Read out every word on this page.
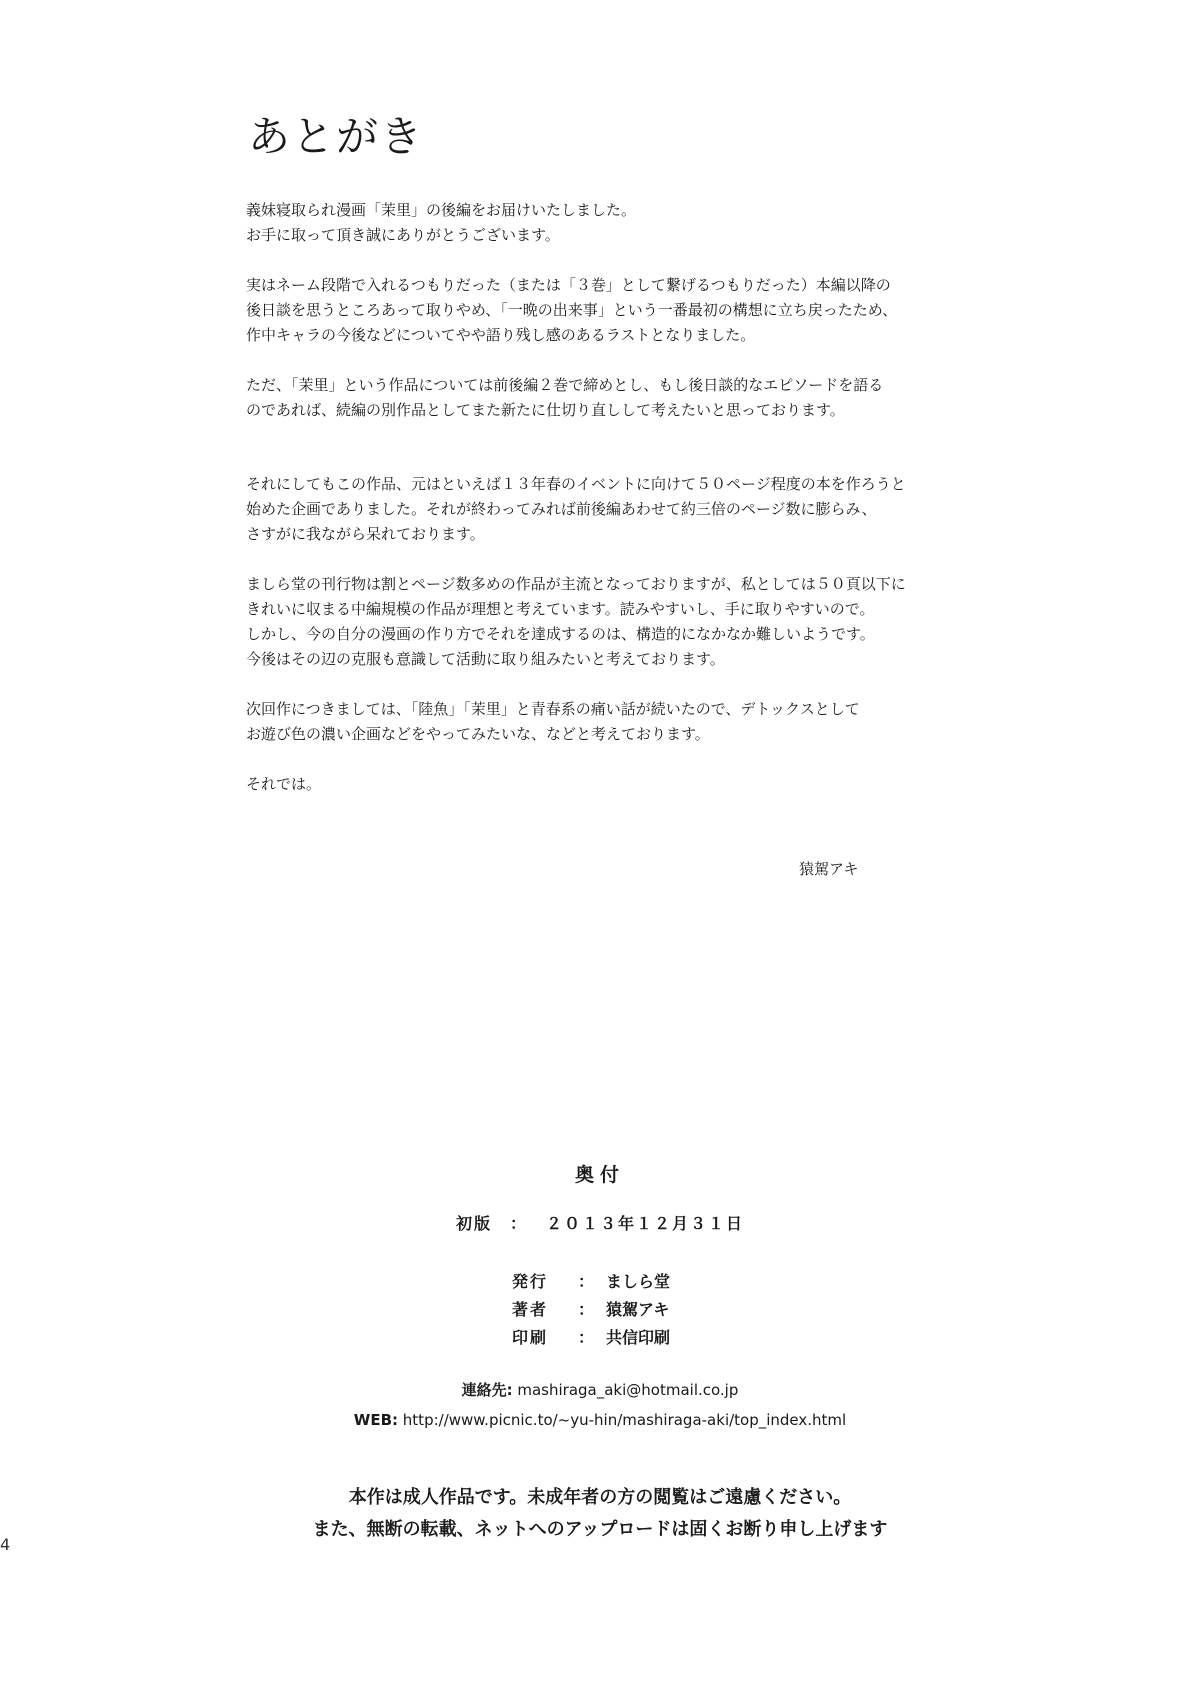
あとがき

義妹寝取られ漫画「茉里」の後編をお届けいたしました。
お手に取って頂き誠にありがとうございます。

実はネーム段階で入れるつもりだった（または「３巻」として繋げるつもりだった）本編以降の
後日談を思うところあって取りやめ、「一晩の出来事」という一番最初の構想に立ち戻ったため、
作中キャラの今後などについてやや語り残し感のあるラストとなりました。

ただ、「茉里」という作品については前後編２巻で締めとし、もし後日談的なエピソードを語る
のであれば、続編の別作品としてまた新たに仕切り直しして考えたいと思っております。

それにしてもこの作品、元はといえば１３年春のイベントに向けて５０ページ程度の本を作ろうと
始めた企画でありました。それが終わってみれば前後編あわせて約三倍のページ数に膨らみ、
さすがに我ながら呆れております。

ましら堂の刊行物は割とページ数多めの作品が主流となっておりますが、私としては５０頁以下に
きれいに収まる中編規模の作品が理想と考えています。読みやすいし、手に取りやすいので。
しかし、今の自分の漫画の作り方でそれを達成するのは、構造的になかなか難しいようです。
今後はその辺の克服も意識して活動に取り組みたいと考えております。

次回作につきましては、「陸魚」「茉里」と青春系の痛い話が続いたので、デトックスとして
お遊び色の濃い企画などをやってみたいな、などと考えております。

それでは。

猿駕アキ
奥付
初版 ： ２０１３年１２月３１日
発行	： ましら堂
著者	： 猿駕アキ
印刷	： 共信印刷
連絡先: mashiraga_aki@hotmail.co.jp
WEB: http://www.picnic.to/~yu-hin/mashiraga-aki/top_index.html
本作は成人作品です。未成年者の方の閲覧はご遠慮ください。
また、無断の転載、ネットへのアップロードは固くお断り申し上げます
4
